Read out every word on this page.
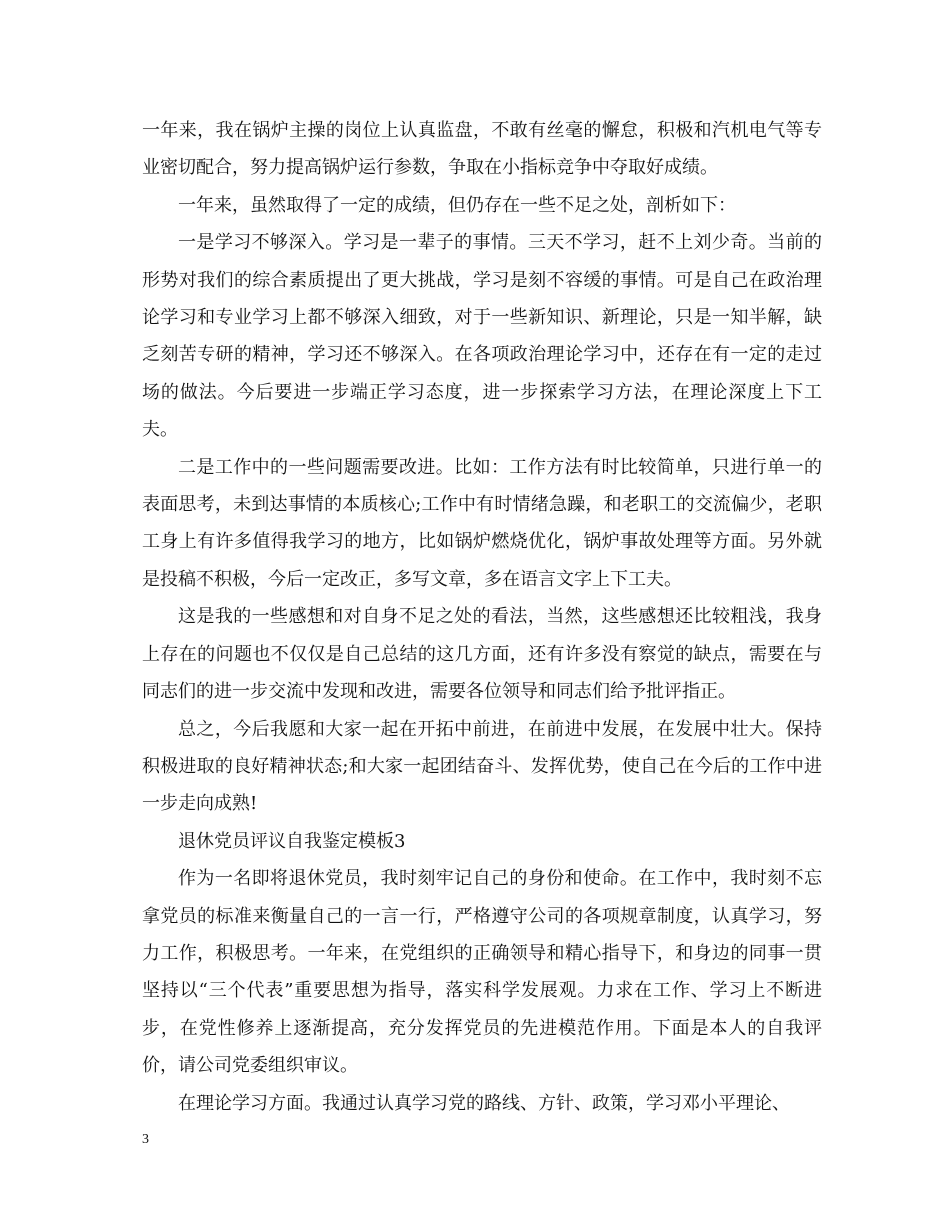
一年来，我在锅炉主操的岗位上认真监盘，不敢有丝毫的懈怠，积极和汽机电气等专业密切配合，努力提高锅炉运行参数，争取在小指标竞争中夺取好成绩。

一年来，虽然取得了一定的成绩，但仍存在一些不足之处，剖析如下：

一是学习不够深入。学习是一辈子的事情。三天不学习，赶不上刘少奇。当前的形势对我们的综合素质提出了更大挑战，学习是刻不容缓的事情。可是自己在政治理论学习和专业学习上都不够深入细致，对于一些新知识、新理论，只是一知半解，缺乏刻苦专研的精神，学习还不够深入。在各项政治理论学习中，还存在有一定的走过场的做法。今后要进一步端正学习态度，进一步探索学习方法，在理论深度上下工夫。

二是工作中的一些问题需要改进。比如：工作方法有时比较简单，只进行单一的表面思考，未到达事情的本质核心;工作中有时情绪急躁，和老职工的交流偏少，老职工身上有许多值得我学习的地方，比如锅炉燃烧优化，锅炉事故处理等方面。另外就是投稿不积极，今后一定改正，多写文章，多在语言文字上下工夫。

这是我的一些感想和对自身不足之处的看法，当然，这些感想还比较粗浅，我身上存在的问题也不仅仅是自己总结的这几方面，还有许多没有察觉的缺点，需要在与同志们的进一步交流中发现和改进，需要各位领导和同志们给予批评指正。

总之，今后我愿和大家一起在开拓中前进，在前进中发展，在发展中壮大。保持积极进取的良好精神状态;和大家一起团结奋斗、发挥优势，使自己在今后的工作中进一步走向成熟!

退休党员评议自我鉴定模板3

作为一名即将退休党员，我时刻牢记自己的身份和使命。在工作中，我时刻不忘拿党员的标准来衡量自己的一言一行，严格遵守公司的各项规章制度，认真学习，努力工作，积极思考。一年来，在党组织的正确领导和精心指导下，和身边的同事一贯坚持以“三个代表”重要思想为指导，落实科学发展观。力求在工作、学习上不断进步，在党性修养上逐渐提高，充分发挥党员的先进模范作用。下面是本人的自我评价，请公司党委组织审议。

在理论学习方面。我通过认真学习党的路线、方针、政策，学习邓小平理论、

3
